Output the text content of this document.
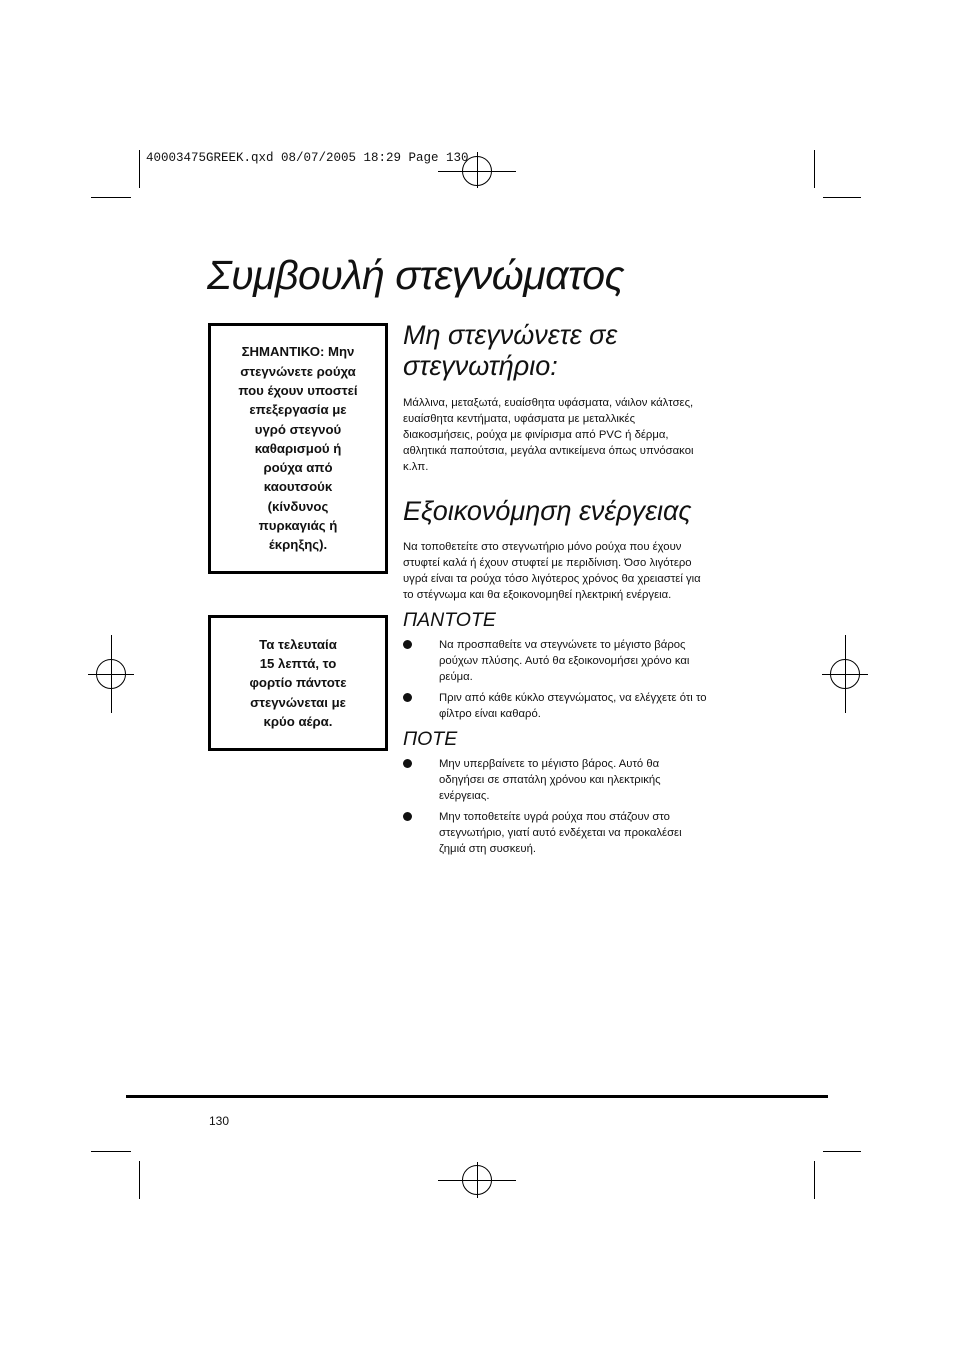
40003475GREEK.qxd 08/07/2005 18:29 Page 130
Συμβουλή στεγνώματος
ΣΗΜΑΝΤΙΚΟ: Μην
στεγνώνετε ρούχα
που έχουν υποστεί
επεξεργασία με
υγρό στεγνού
καθαρισμού ή
ρούχα από
καουτσούκ
(κίνδυνος
πυρκαγιάς ή
έκρηξης).
Τα τελευταία
15 λεπτά, το
φορτίο πάντοτε
στεγνώνεται με
κρύο αέρα.
Μη στεγνώνετε σε
στεγνωτήριο:

Μάλλινα, μεταξωτά, ευαίσθητα υφάσματα, νάιλον κάλτσες,
ευαίσθητα κεντήματα, υφάσματα με μεταλλικές
διακοσμήσεις, ρούχα με φινίρισμα από PVC ή δέρμα,
αθλητικά παπούτσια, μεγάλα αντικείμενα όπως υπνόσακοι
κ.λπ.

Εξοικονόμηση ενέργειας

Να τοποθετείτε στο στεγνωτήριο μόνο ρούχα που έχουν
στυφτεί καλά ή έχουν στυφτεί με περιδίνιση. Όσο λιγότερο
υγρά είναι τα ρούχα τόσο λιγότερος χρόνος θα χρειαστεί για
το στέγνωμα και θα εξοικονομηθεί ηλεκτρική ενέργεια.

ΠΑΝΤΟΤΕ
Να προσπαθείτε να στεγνώνετε το μέγιστο βάρος
ρούχων πλύσης. Αυτό θα εξοικονομήσει χρόνο και
ρεύμα.
Πριν από κάθε κύκλο στεγνώματος, να ελέγχετε ότι το
φίλτρο είναι καθαρό.
ΠΟΤΕ
Μην υπερβαίνετε το μέγιστο βάρος. Αυτό θα
οδηγήσει σε σπατάλη χρόνου και ηλεκτρικής
ενέργειας.
Μην τοποθετείτε υγρά ρούχα που στάζουν στο
στεγνωτήριο, γιατί αυτό ενδέχεται να προκαλέσει
ζημιά στη συσκευή.
130
